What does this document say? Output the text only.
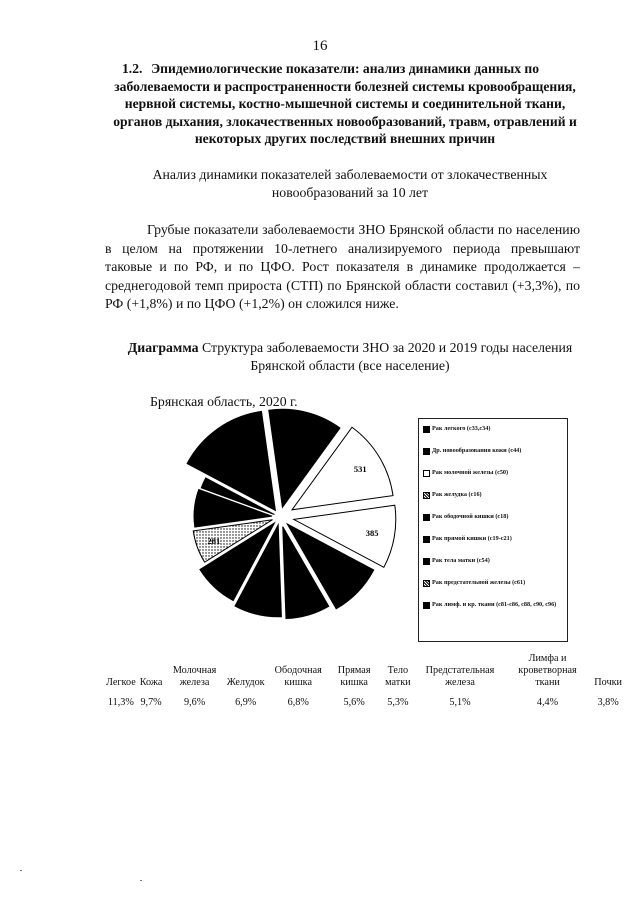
16
1.2. Эпидемиологические показатели: анализ динамики данных по заболеваемости и распространенности болезней системы кровообращения, нервной системы, костно-мышечной системы и соединительной ткани, органов дыхания, злокачественных новообразований, травм, отравлений и некоторых других последствий внешних причин
Анализ динамики показателей заболеваемости от злокачественных новообразований за 10 лет
Грубые показатели заболеваемости ЗНО Брянской области по населению в целом на протяжении 10-летнего анализируемого периода превышают таковые и по РФ, и по ЦФО. Рост показателя в динамике продолжается – среднегодовой темп прироста (СТП) по Брянской области составил (+3,3%), по РФ (+1,8%) и по ЦФО (+1,2%) он сложился ниже.
Диаграмма Структура заболеваемости ЗНО за 2020 и 2019 годы населения Брянской области (все население)
Брянская область, 2020 г.
531
385
281
Рак легкого (с33,с34)
Др. новообразования кожи (с44)
Рак молочной железы (с50)
Рак желудка (с16)
Рак ободочной кишки (с18)
Рак прямой кишки (с19-с21)
Рак тела матки (с54)
Рак предстательной железы (с61)
Рак лимф. и кр. ткани (с81-с86, с88, с90, с96)
Легкое	Кожа	Молочная железа	Желудок	Ободочная кишка	Прямая кишка	Тело матки	Предстательная железа	Лимфа и кроветворная ткани	Почки
11,3%	9,7%	9,6%	6,9%	6,8%	5,6%	5,3%	5,1%	4,4%	3,8%
